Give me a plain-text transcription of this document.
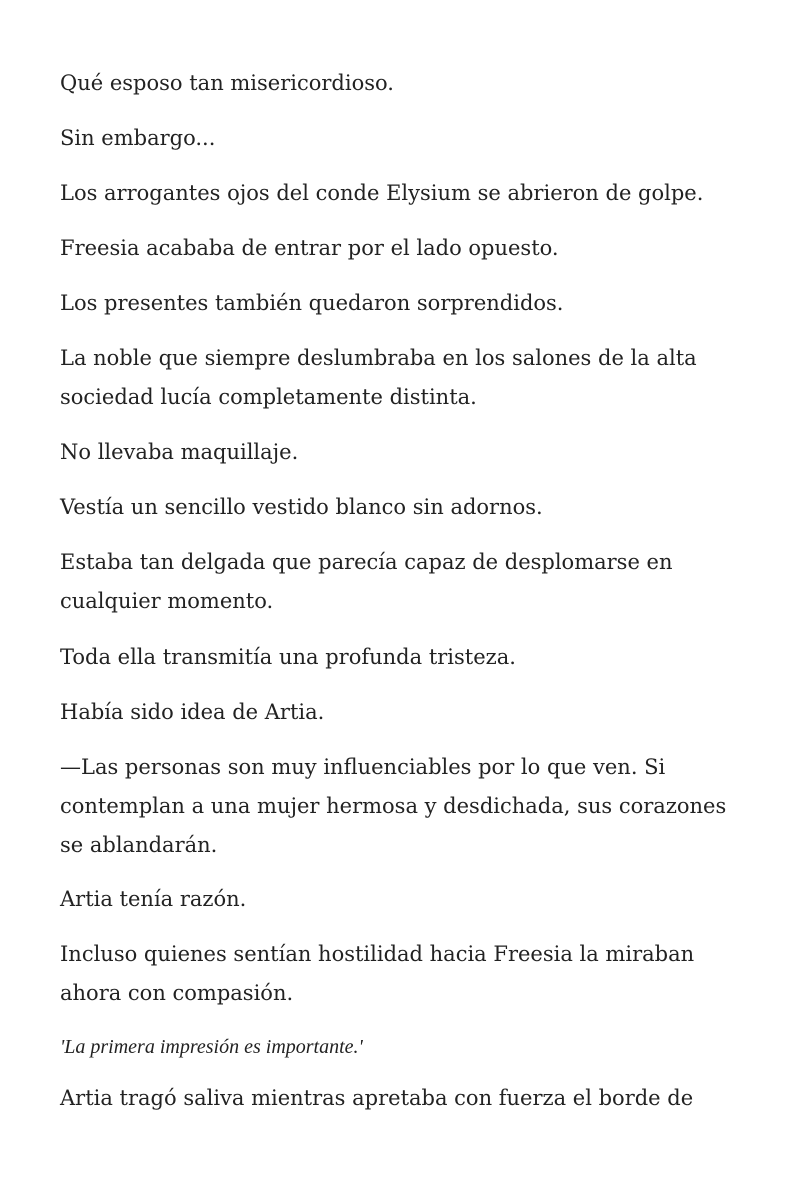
Qué esposo tan misericordioso.

Sin embargo...

Los arrogantes ojos del conde Elysium se abrieron de golpe.

Freesia acababa de entrar por el lado opuesto.

Los presentes también quedaron sorprendidos.

La noble que siempre deslumbraba en los salones de la alta sociedad lucía completamente distinta.

No llevaba maquillaje.

Vestía un sencillo vestido blanco sin adornos.

Estaba tan delgada que parecía capaz de desplomarse en cualquier momento.

Toda ella transmitía una profunda tristeza.

Había sido idea de Artia.

—Las personas son muy influenciables por lo que ven. Si contemplan a una mujer hermosa y desdichada, sus corazones se ablandarán.

Artia tenía razón.

Incluso quienes sentían hostilidad hacia Freesia la miraban ahora con compasión.

'La primera impresión es importante.'

Artia tragó saliva mientras apretaba con fuerza el borde de
